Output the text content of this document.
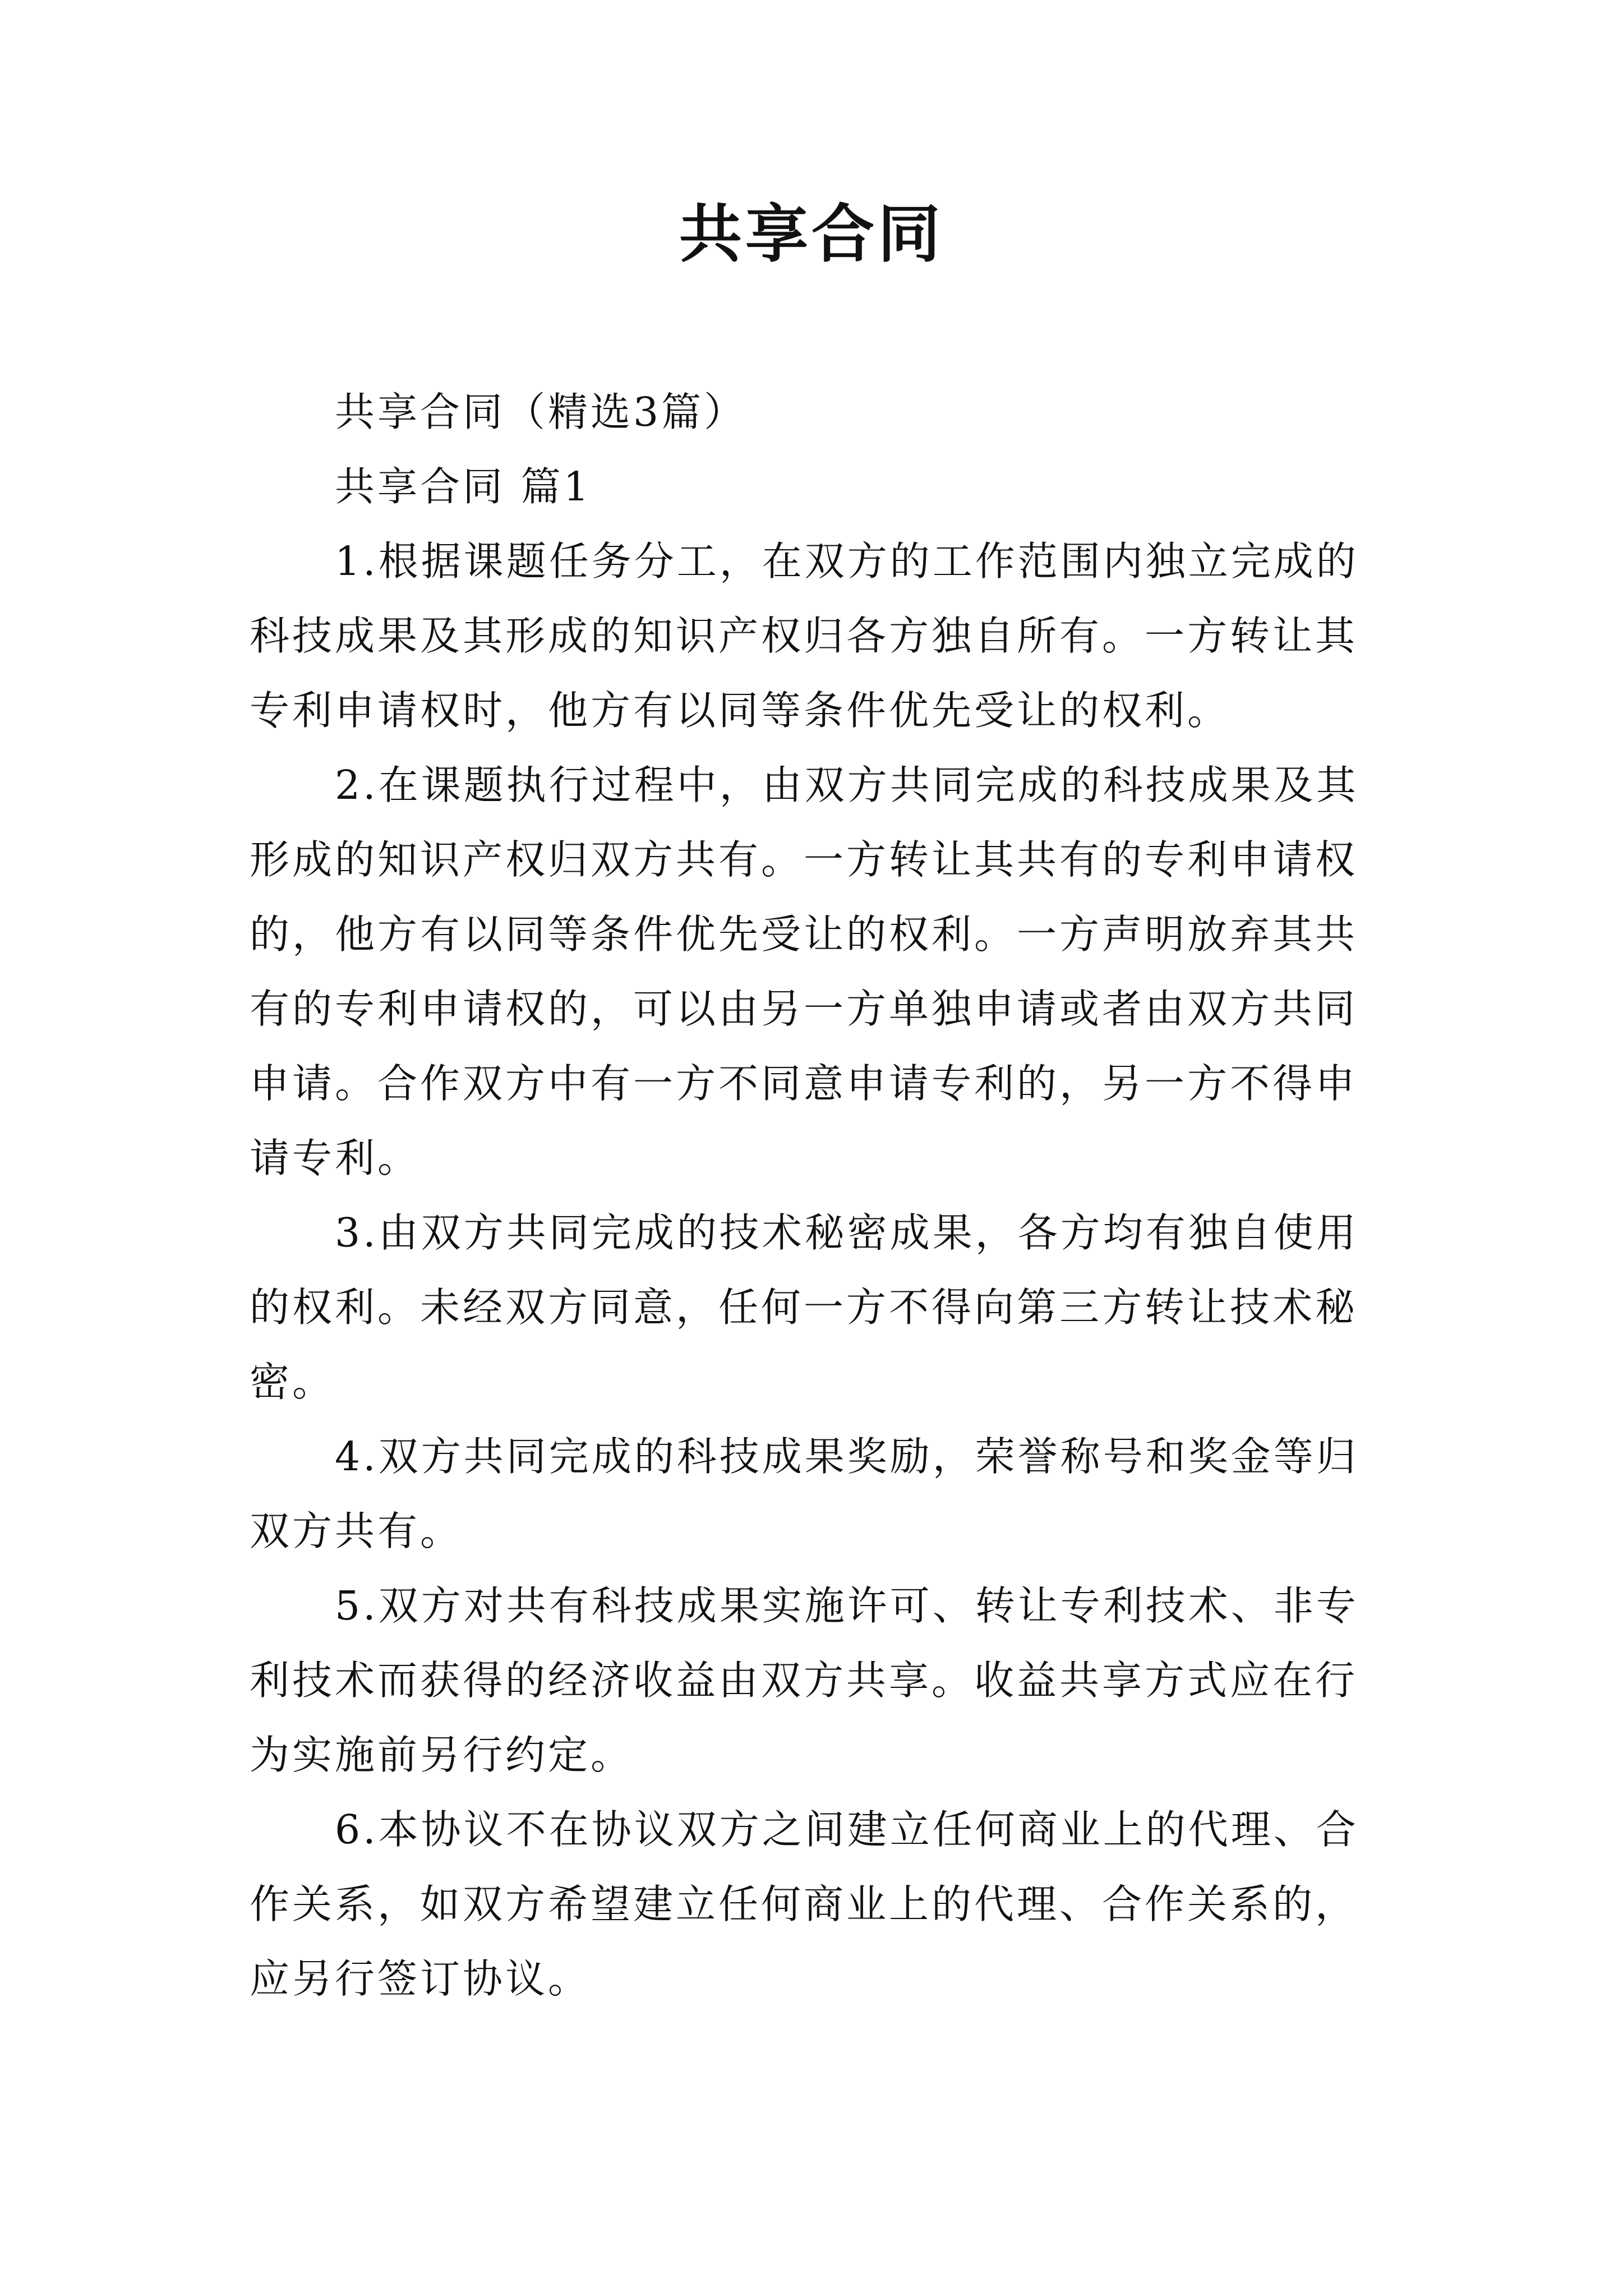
共享合同

共享合同（精选3篇）

共享合同 篇1

1.根据课题任务分工，在双方的工作范围内独立完成的科技成果及其形成的知识产权归各方独自所有。一方转让其专利申请权时，他方有以同等条件优先受让的权利。

2.在课题执行过程中，由双方共同完成的科技成果及其形成的知识产权归双方共有。一方转让其共有的专利申请权的，他方有以同等条件优先受让的权利。一方声明放弃其共有的专利申请权的，可以由另一方单独申请或者由双方共同申请。合作双方中有一方不同意申请专利的，另一方不得申请专利。

3.由双方共同完成的技术秘密成果，各方均有独自使用的权利。未经双方同意，任何一方不得向第三方转让技术秘密。

4.双方共同完成的科技成果奖励，荣誉称号和奖金等归双方共有。

5.双方对共有科技成果实施许可、转让专利技术、非专利技术而获得的经济收益由双方共享。收益共享方式应在行为实施前另行约定。

6.本协议不在协议双方之间建立任何商业上的代理、合作关系，如双方希望建立任何商业上的代理、合作关系的，应另行签订协议。
